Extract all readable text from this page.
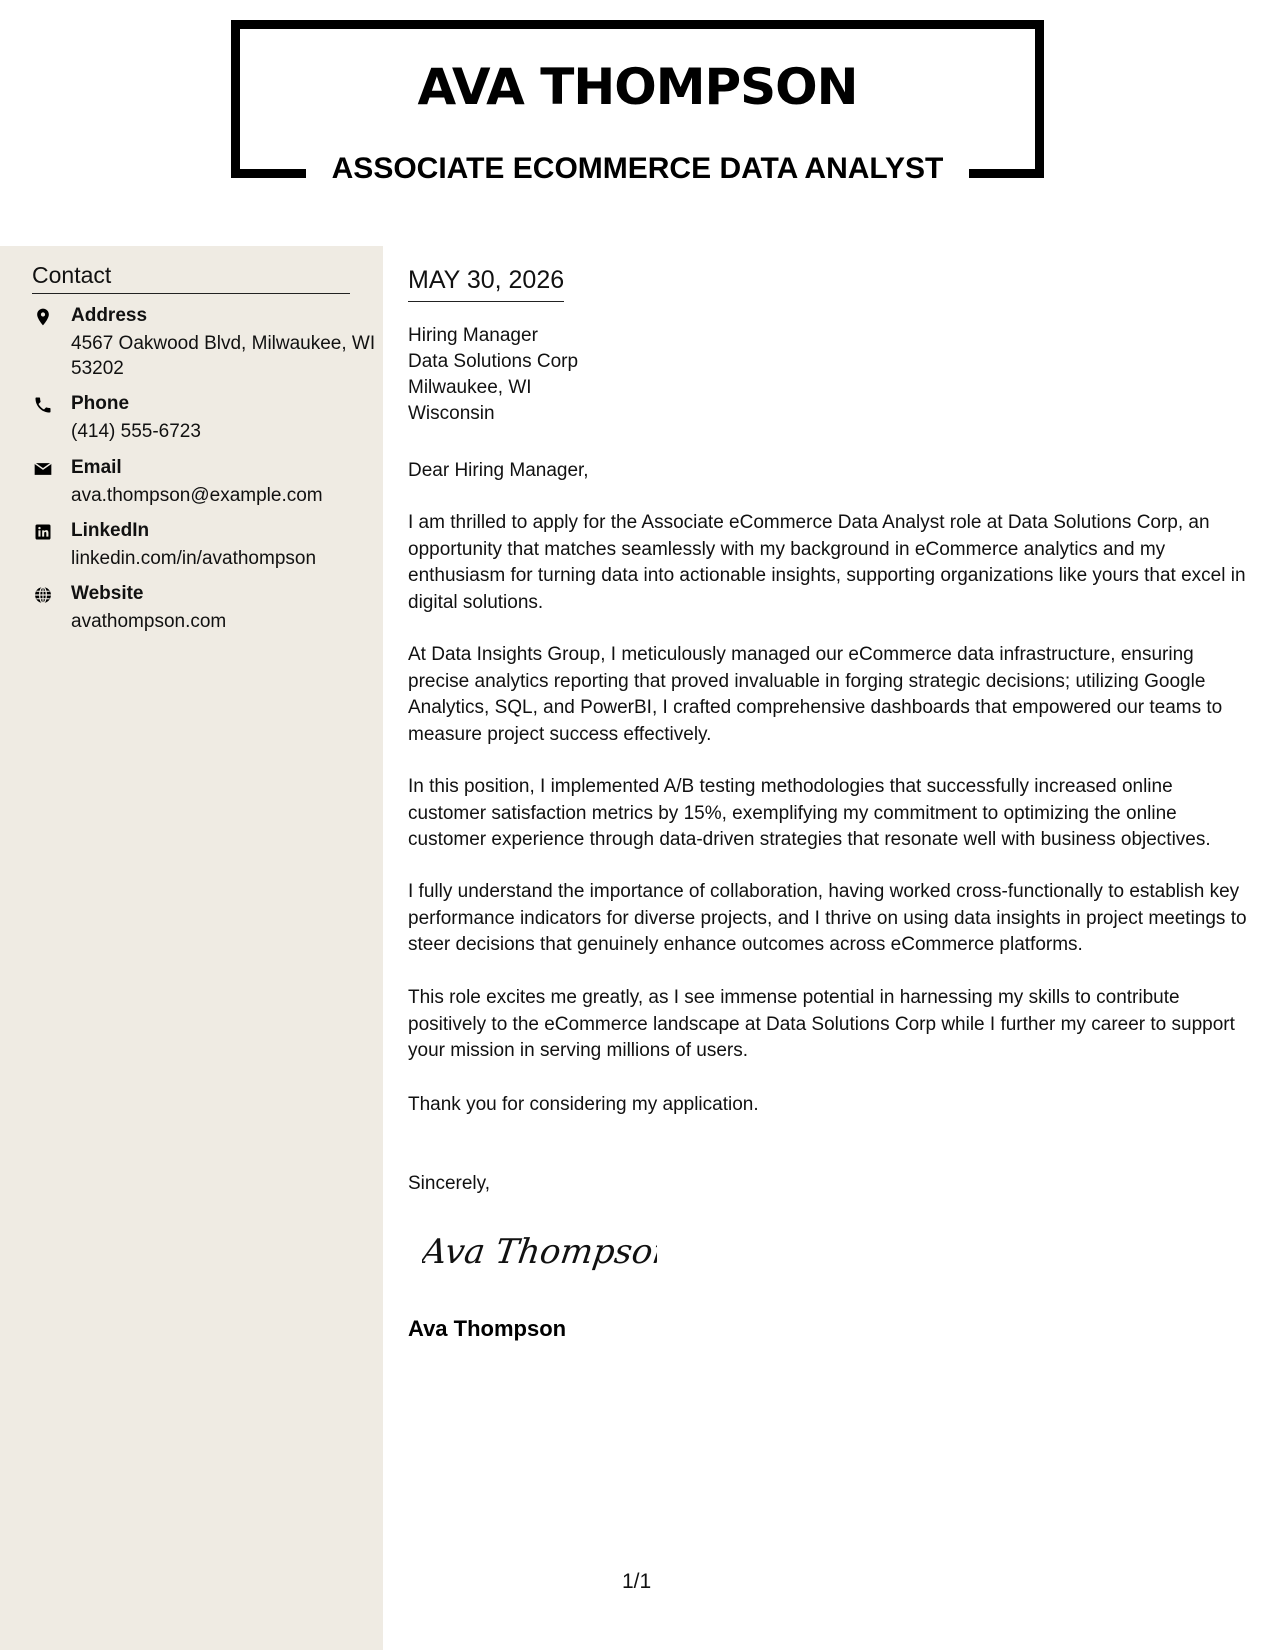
AVA THOMPSON
ASSOCIATE ECOMMERCE DATA ANALYST
Contact
Address
4567 Oakwood Blvd, Milwaukee, WI 53202
Phone
(414) 555-6723
Email
ava.thompson@example.com
LinkedIn
linkedin.com/in/avathompson
Website
avathompson.com
MAY 30, 2026
Hiring Manager
Data Solutions Corp
Milwaukee, WI
Wisconsin

Dear Hiring Manager,

I am thrilled to apply for the Associate eCommerce Data Analyst role at Data Solutions Corp, an opportunity that matches seamlessly with my background in eCommerce analytics and my enthusiasm for turning data into actionable insights, supporting organizations like yours that excel in digital solutions.

At Data Insights Group, I meticulously managed our eCommerce data infrastructure, ensuring precise analytics reporting that proved invaluable in forging strategic decisions; utilizing Google Analytics, SQL, and PowerBI, I crafted comprehensive dashboards that empowered our teams to measure project success effectively.

In this position, I implemented A/B testing methodologies that successfully increased online customer satisfaction metrics by 15%, exemplifying my commitment to optimizing the online customer experience through data-driven strategies that resonate well with business objectives.

I fully understand the importance of collaboration, having worked cross-functionally to establish key performance indicators for diverse projects, and I thrive on using data insights in project meetings to steer decisions that genuinely enhance outcomes across eCommerce platforms.

This role excites me greatly, as I see immense potential in harnessing my skills to contribute positively to the eCommerce landscape at Data Solutions Corp while I further my career to support your mission in serving millions of users.

Thank you for considering my application.

Sincerely,

Ava Thompson
Ava Thompson
1/1
